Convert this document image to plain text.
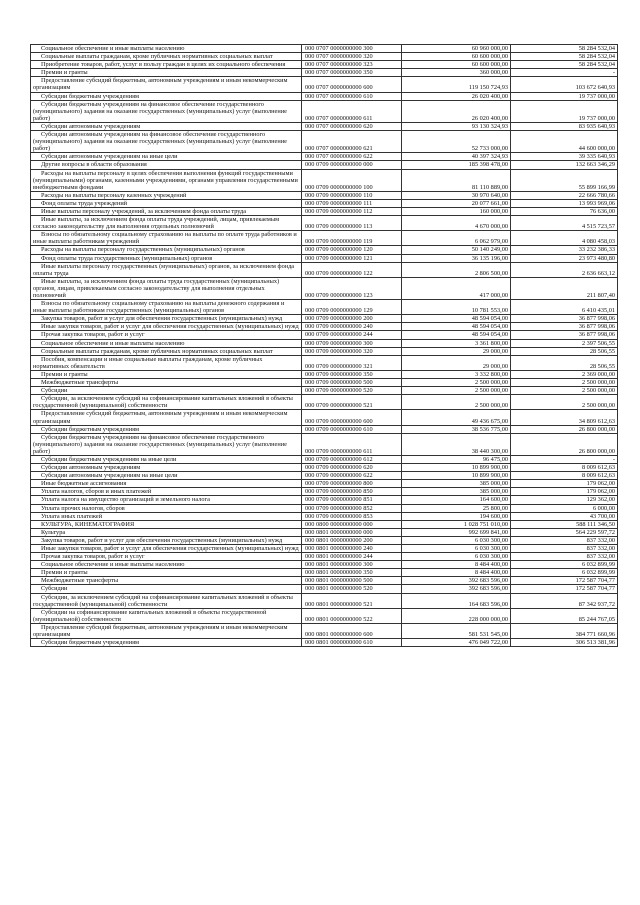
Социальное обеспечение и иные выплаты населению	000 0707 0000000000 300	60 960 000,00	58 284 532,04
Социальные выплаты гражданам, кроме публичных нормативных социальных выплат	000 0707 0000000000 320	60 600 000,00	58 284 532,04
Приобретение товаров, работ, услуг в пользу граждан в целях их социального обеспечения	000 0707 0000000000 323	60 600 000,00	58 284 532,04
Премии и гранты	000 0707 0000000000 350	360 000,00	-
Предоставление субсидий бюджетным, автономным учреждениям и иным некоммерческим организациям	000 0707 0000000000 600	119 150 724,93	103 672 640,93
Субсидии бюджетным учреждениям	000 0707 0000000000 610	26 020 400,00	19 737 000,00
Субсидии бюджетным учреждениям на финансовое обеспечение государственного (муниципального) задания на оказание государственных (муниципальных) услуг (выполнение работ)	000 0707 0000000000 611	26 020 400,00	19 737 000,00
Субсидии автономным учреждениям	000 0707 0000000000 620	93 130 324,93	83 935 640,93
Субсидии автономным учреждениям на финансовое обеспечение государственного (муниципального) задания на оказание государственных (муниципальных) услуг (выполнение работ)	000 0707 0000000000 621	52 733 000,00	44 600 000,00
Субсидии автономным учреждениям на иные цели	000 0707 0000000000 622	40 397 324,93	39 335 640,93
Другие вопросы в области образования	000 0709 0000000000 000	185 398 478,00	132 663 346,29
Расходы на выплаты персоналу в целях обеспечения выполнения функций государственными (муниципальными) органами, казенными учреждениями, органами управления государственными внебюджетными фондами	000 0709 0000000000 100	81 110 889,00	55 899 166,99
Расходы на выплаты персоналу казенных учреждений	000 0709 0000000000 110	30 970 640,00	22 666 780,66
Фонд оплаты труда учреждений	000 0709 0000000000 111	20 077 661,00	13 993 969,06
Иные выплаты персоналу учреждений, за исключением фонда оплаты труда	000 0709 0000000000 112	160 000,00	76 636,00
Иные выплаты, за исключением фонда оплаты труда учреждений, лицам, привлекаемым согласно законодательству для выполнения отдельных полномочий	000 0709 0000000000 113	4 670 000,00	4 515 723,57
Взносы по обязательному социальному страхованию на выплаты по оплате труда работников и иные выплаты работникам учреждений	000 0709 0000000000 119	6 062 979,00	4 080 458,03
Расходы на выплаты персоналу государственных (муниципальных) органов	000 0709 0000000000 120	50 140 249,00	33 232 386,33
Фонд оплаты труда государственных (муниципальных) органов	000 0709 0000000000 121	36 135 196,00	23 973 480,80
Иные выплаты персоналу государственных (муниципальных) органов, за исключением фонда оплаты труда	000 0709 0000000000 122	2 806 500,00	2 636 663,12
Иные выплаты, за исключением фонда оплаты труда государственных (муниципальных) органов, лицам, привлекаемым согласно законодательству для выполнения отдельных полномочий	000 0709 0000000000 123	417 000,00	211 807,40
Взносы по обязательному социальному страхованию на выплаты денежного содержания и иные выплаты работникам государственных (муниципальных) органов	000 0709 0000000000 129	10 781 553,00	6 410 435,01
Закупка товаров, работ и услуг для обеспечения государственных (муниципальных) нужд	000 0709 0000000000 200	48 594 054,00	36 877 998,06
Иные закупки товаров, работ и услуг для обеспечения государственных (муниципальных) нужд	000 0709 0000000000 240	48 594 054,00	36 877 998,06
Прочая закупка товаров, работ и услуг	000 0709 0000000000 244	48 594 054,00	36 877 998,06
Социальное обеспечение и иные выплаты населению	000 0709 0000000000 300	3 361 800,00	2 397 506,55
Социальные выплаты гражданам, кроме публичных нормативных социальных выплат	000 0709 0000000000 320	29 000,00	28 506,55
Пособия, компенсации и иные социальные выплаты гражданам, кроме публичных нормативных обязательств	000 0709 0000000000 321	29 000,00	28 506,55
Премии и гранты	000 0709 0000000000 350	3 332 800,00	2 369 000,00
Межбюджетные трансферты	000 0709 0000000000 500	2 500 000,00	2 500 000,00
Субсидии	000 0709 0000000000 520	2 500 000,00	2 500 000,00
Субсидии, за исключением субсидий на софинансирование капитальных вложений в объекты государственной (муниципальной) собственности	000 0709 0000000000 521	2 500 000,00	2 500 000,00
Предоставление субсидий бюджетным, автономным учреждениям и иным некоммерческим организациям	000 0709 0000000000 600	49 436 675,00	34 809 612,63
Субсидии бюджетным учреждениям	000 0709 0000000000 610	38 536 775,00	26 800 000,00
Субсидии бюджетным учреждениям на финансовое обеспечение государственного (муниципального) задания на оказание государственных (муниципальных) услуг (выполнение работ)	000 0709 0000000000 611	38 440 300,00	26 800 000,00
Субсидии бюджетным учреждениям на иные цели	000 0709 0000000000 612	96 475,00	-
Субсидии автономным учреждениям	000 0709 0000000000 620	10 899 900,00	8 009 612,63
Субсидии автономным учреждениям на иные цели	000 0709 0000000000 622	10 899 900,00	8 009 612,63
Иные бюджетные ассигнования	000 0709 0000000000 800	385 000,00	179 062,00
Уплата налогов, сборов и иных платежей	000 0709 0000000000 850	385 000,00	179 062,00
Уплата налога на имущество организаций и земельного налога	000 0709 0000000000 851	164 600,00	129 362,00
Уплата прочих налогов, сборов	000 0709 0000000000 852	25 800,00	6 000,00
Уплата иных платежей	000 0709 0000000000 853	194 600,00	43 700,00
КУЛЬТУРА, КИНЕМАТОГРАФИЯ	000 0800 0000000000 000	1 028 751 010,00	588 111 346,50
Культура	000 0801 0000000000 000	992 699 841,00	564 229 597,72
Закупка товаров, работ и услуг для обеспечения государственных (муниципальных) нужд	000 0801 0000000000 200	6 030 300,00	837 332,00
Иные закупки товаров, работ и услуг для обеспечения государственных (муниципальных) нужд	000 0801 0000000000 240	6 030 300,00	837 332,00
Прочая закупка товаров, работ и услуг	000 0801 0000000000 244	6 030 300,00	837 332,00
Социальное обеспечение и иные выплаты населению	000 0801 0000000000 300	8 484 400,00	6 032 899,99
Премии и гранты	000 0801 0000000000 350	8 484 400,00	6 032 899,99
Межбюджетные трансферты	000 0801 0000000000 500	392 683 596,00	172 587 704,77
Субсидии	000 0801 0000000000 520	392 683 596,00	172 587 704,77
Субсидии, за исключением субсидий на софинансирование капитальных вложений в объекты государственной (муниципальной) собственности	000 0801 0000000000 521	164 683 596,00	87 342 937,72
Субсидии на софинансирование капитальных вложений в объекты государственной (муниципальной) собственности	000 0801 0000000000 522	228 000 000,00	85 244 767,05
Предоставление субсидий бюджетным, автономным учреждениям и иным некоммерческим организациям	000 0801 0000000000 600	581 531 545,00	384 771 660,96
Субсидии бюджетным учреждениям	000 0801 0000000000 610	476 049 722,00	306 513 381,96
